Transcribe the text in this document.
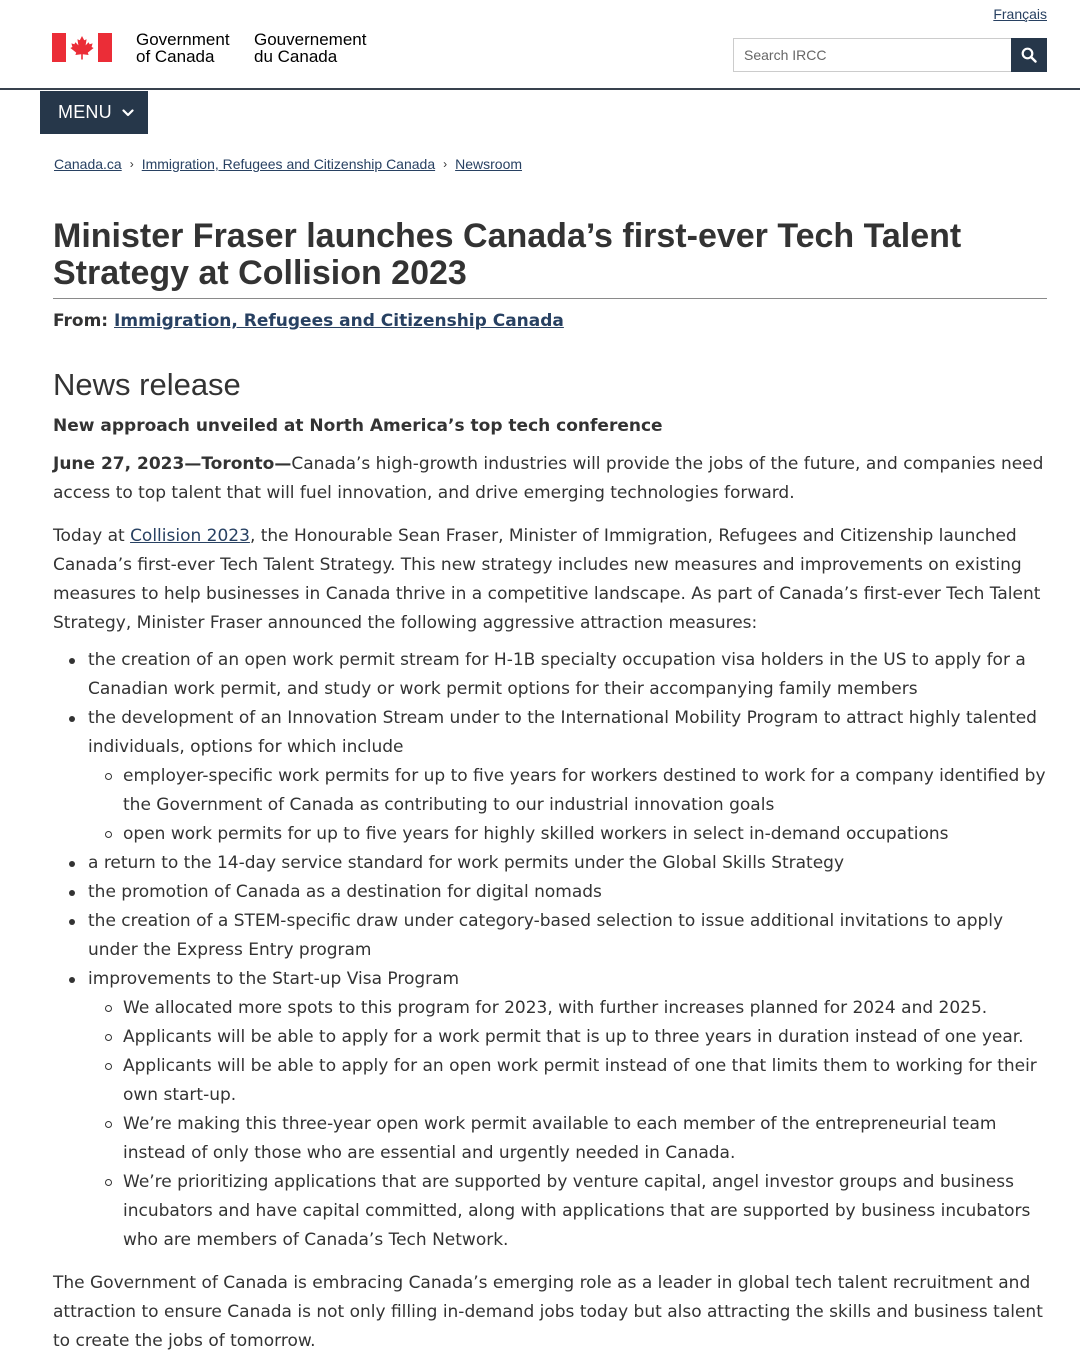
Français
Government
of Canada
Gouvernement
du Canada
Search IRCC
MENU
Canada.ca › Immigration, Refugees and Citizenship Canada › Newsroom
Minister Fraser launches Canada’s first-ever Tech Talent Strategy at Collision 2023
From: Immigration, Refugees and Citizenship Canada
News release
New approach unveiled at North America’s top tech conference

June 27, 2023—Toronto—Canada’s high-growth industries will provide the jobs of the future, and companies need access to top talent that will fuel innovation, and drive emerging technologies forward.

Today at Collision 2023, the Honourable Sean Fraser, Minister of Immigration, Refugees and Citizenship launched Canada’s first-ever Tech Talent Strategy. This new strategy includes new measures and improvements on existing measures to help businesses in Canada thrive in a competitive landscape. As part of Canada’s first-ever Tech Talent Strategy, Minister Fraser announced the following aggressive attraction measures:

the creation of an open work permit stream for H-1B specialty occupation visa holders in the US to apply for a Canadian work permit, and study or work permit options for their accompanying family members
the development of an Innovation Stream under to the International Mobility Program to attract highly talented individuals, options for which include
employer-specific work permits for up to five years for workers destined to work for a company identified by the Government of Canada as contributing to our industrial innovation goals
open work permits for up to five years for highly skilled workers in select in-demand occupations
a return to the 14-day service standard for work permits under the Global Skills Strategy
the promotion of Canada as a destination for digital nomads
the creation of a STEM-specific draw under category-based selection to issue additional invitations to apply under the Express Entry program
improvements to the Start-up Visa Program
We allocated more spots to this program for 2023, with further increases planned for 2024 and 2025.
Applicants will be able to apply for a work permit that is up to three years in duration instead of one year.
Applicants will be able to apply for an open work permit instead of one that limits them to working for their own start-up.
We’re making this three-year open work permit available to each member of the entrepreneurial team instead of only those who are essential and urgently needed in Canada.
We’re prioritizing applications that are supported by venture capital, angel investor groups and business incubators and have capital committed, along with applications that are supported by business incubators who are members of Canada’s Tech Network.

The Government of Canada is embracing Canada’s emerging role as a leader in global tech talent recruitment and attraction to ensure Canada is not only filling in-demand jobs today but also attracting the skills and business talent to create the jobs of tomorrow.
